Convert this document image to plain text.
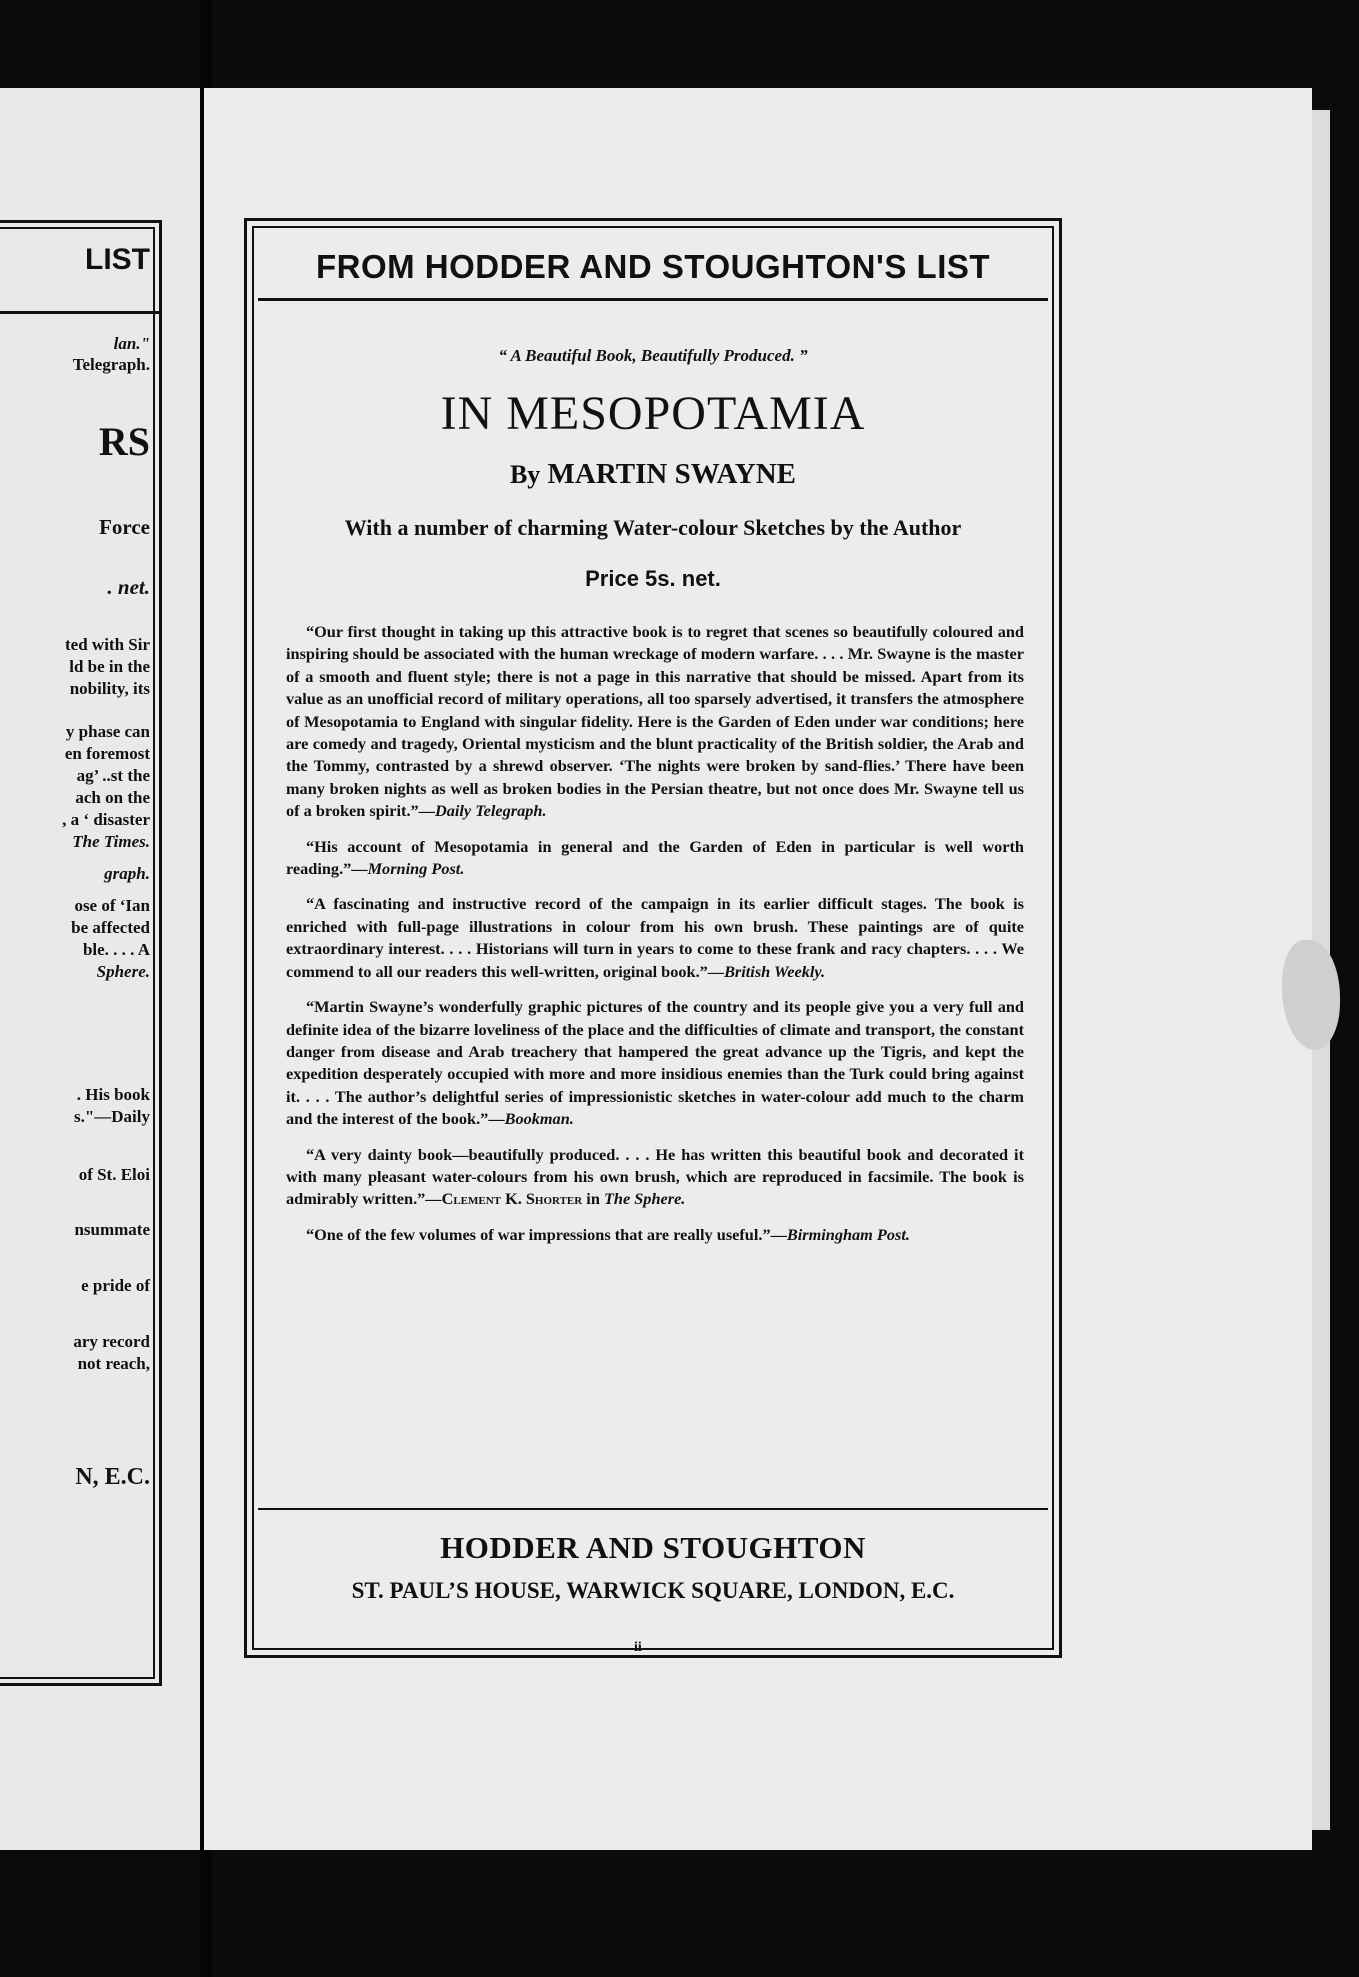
LIST
lan."
Telegraph.
RS
Force
. net.
ted with Sir
ld be in the
nobility, its
y phase can
en foremost
ag’ ..st the
ach on the
, a ‘ disaster
The Times.
graph.
ose of ‘Ian
be affected
ble. . . . A
Sphere.
. His book
s."—Daily
of St. Eloi
nsummate
e pride of
ary record
not reach,
N, E.C.
FROM HODDER AND STOUGHTON'S LIST
“ A Beautiful Book, Beautifully Produced. ”
IN MESOPOTAMIA
By MARTIN SWAYNE
With a number of charming Water-colour Sketches by the Author
Price 5s. net.

“Our first thought in taking up this attractive book is to regret that scenes so beautifully coloured and inspiring should be associated with the human wreckage of modern warfare. . . . Mr. Swayne is the master of a smooth and fluent style; there is not a page in this narrative that should be missed. Apart from its value as an unofficial record of military operations, all too sparsely advertised, it transfers the atmosphere of Mesopotamia to England with singular fidelity. Here is the Garden of Eden under war conditions; here are comedy and tragedy, Oriental mysticism and the blunt practicality of the British soldier, the Arab and the Tommy, contrasted by a shrewd observer. ‘The nights were broken by sand-flies.’ There have been many broken nights as well as broken bodies in the Persian theatre, but not once does Mr. Swayne tell us of a broken spirit.”—Daily Telegraph.

“His account of Mesopotamia in general and the Garden of Eden in particular is well worth reading.”—Morning Post.

“A fascinating and instructive record of the campaign in its earlier difficult stages. The book is enriched with full-page illustrations in colour from his own brush. These paintings are of quite extraordinary interest. . . . Historians will turn in years to come to these frank and racy chapters. . . . We commend to all our readers this well-written, original book.”—British Weekly.

“Martin Swayne’s wonderfully graphic pictures of the country and its people give you a very full and definite idea of the bizarre loveliness of the place and the difficulties of climate and transport, the constant danger from disease and Arab treachery that hampered the great advance up the Tigris, and kept the expedition desperately occupied with more and more insidious enemies than the Turk could bring against it. . . . The author’s delightful series of impressionistic sketches in water-colour add much to the charm and the interest of the book.”—Bookman.

“A very dainty book—beautifully produced. . . . He has written this beautiful book and decorated it with many pleasant water-colours from his own brush, which are reproduced in facsimile. The book is admirably written.”—Clement K. Shorter in The Sphere.

“One of the few volumes of war impressions that are really useful.”—Birmingham Post.

HODDER AND STOUGHTON
ST. PAUL’S HOUSE, WARWICK SQUARE, LONDON, E.C.
ii
